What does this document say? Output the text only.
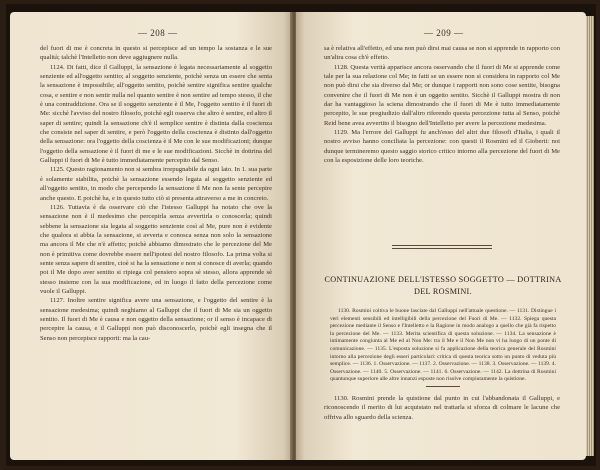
— 208 —

del fuori di me è concreta in questo si percepisce ad un tempo la sostanza e le sue qualità; talchè l'Intelletto non deve aggiugnere nulla.

1124. Di fatti, dice il Galluppi, la sensazione è legata necessariamente al soggetto senziente ed all'oggetto sentito; al soggetto senziente, poichè senza un essere che senta la sensazione è impossibile; all'oggetto sentito, poichè sentire significa sentire qualche cosa, e sentire e non sentir nulla nel quanto sentire è non sentire ad tempo stesso, il che è una contraddizione. Ora se il soggetto senziente è il Me, l'oggetto sentito è il fuori di Me: sicchè l'avviso del nostro filosofo, poichè egli osserva che altro è sentire, ed altro il saper di sentire; quindi la sensazione ch'è il semplice sentire è distinta dalla coscienza che consiste nel saper di sentire, e però l'oggetto della coscienza è distinto dall'oggetto della sensazione: ora l'oggetto della coscienza è il Me con le sue modificazioni; dunque l'oggetto della sensazione è il fuori di me e le sue modificazioni. Sicchè in dottrina del Galluppi il fuori di Me è tutto immediatamente percepito dal Senso.

1125. Questo ragionamento non si sembra irrepugnabile da ogni lato. In 1. sua parte è solamente stabilita, poichè la sensazione essendo legata al soggetto senziente ed all'oggetto sentito, in modo che percependo la sensazione il Me non fa sente percepire anche questo. E poichè ha, e in questo tutto ciò si presenta attraverso a me in concreto.

1126. Tuttavia è da osservare ciò che l'istesso Galluppi ha notato che ove la sensazione non è il medesimo che percepirla senza avvertirla o conoscerla; quindi sebbene la sensazione sia legata al soggetto senziente così al Me, pure non è evidente che qualora si abbia la sensazione, si avverta e conosca senza non solo la sensazione ma ancora il Me che n'è affetto; poichè abbiamo dimostrato che le percezione del Me non è primitiva come dovrebbe essere nell'ipotesi del nostro filosofo. La prima volta si sente senza sapere di sentire, cioè si ha la sensazione e non si conosce di averla; quando poi il Me dopo aver sentito si ripiega col pensiero sopra sè stesso, allora apprende sè stesso insieme con la sua modificazione, ed in luogo il fatto della percezione come vuole il Galluppi.

1127. Inoltre sentire significa avere una sensazione, e l'oggetto del sentire è la sensazione medesima; quindi neghiamo al Galluppi che il fuori di Me sia un oggetto sentito. Il fuori di Me è causa e non oggetto della sensazione; or il senso è incapace di percepire la causa, e il Galluppi non può disconoscerlo, poichè egli insegna che il Senso non percepisce rapporti: ma la cau-

— 209 —

sa è relativa all'effetto, ed una non può dirsi mai causa se non si apprende in rapporto con un'altra cosa ch'è effetto.

1128. Questa verità apparisce ancora osservando che il fuori di Me si apprende come tale per la sua relazione col Me; in fatti se un essere non si considera in rapporto col Me non può dirsi che sia diverso dal Me; or dunque i rapporti non sono cose sentite, bisogna convenire che il fuori di Me non è un oggetto sentito. Sicchè il Galluppi mostra di non dar ha vantaggioso la sciena dimostrando che il fuori di Me è tutto immediatamente percepito, le sue pregiudizio dall'altro riferendo questa percezione tutta al Senso, poichè Reid bene avea avvertito il bisogno dell'Intelletto per avere la percezione medesima.

1129. Ma l'errore del Galluppi fu anch'esso del altri due filosofi d'Italia, i quali il nostro avviso hanno conciliata la percezione: con questi il Rosmini ed il Gioberti: noi dunque termineremo questo saggio storico critico intorno alla percezione del fuori di Me con la esposizione delle loro teoriche.

CONTINUAZIONE DELL'ISTESSO SOGGETTO — DOTTRINA
DEL ROSMINI.

1130. Rosmini coltiva le buone lasciate dal Galluppi nell'attuale questione. — 1131. Distingue i veri elementi sensibili ed intelligibili della percezione del Fuori di Me. — 1132. Spiega questa percezione mediante il Senso e l'Intelletto e la Ragione in modo analogo a quello che già fa rispetto la percezione del Me. — 1133. Merita scientifica di questa soluzione. — 1134. La sensazione è intimamente congiunta al Me ed al Non Me: tra il Me e il Non Me non vi ha luogo di un ponte di comunicazione. — 1135. L'esposta soluzione si fa applicazione della teorica generale del Rosmini intorno alla percezione degli esseri particolari: critica di questa teorica sotto un punto di veduta più semplice. — 1136. 1. Osservazione. — 1137. 2. Osservazione. — 1138. 3. Osservazione. — 1139. 4. Osservazione. — 1140. 5. Osservazione. — 1141. 6. Osservazione. — 1142. La dottrina di Rosmini quantunque superiore alle altre innanzi esposte non risolve compiutamente la quistione.

1130. Rosmini prende la quistione dal punto in cui l'abbandonata il Galluppi, e riconoscendo il merito di lui acquistato nel trattarla si sforza di colmare le lacune che offriva allo sguardo della scienza.
